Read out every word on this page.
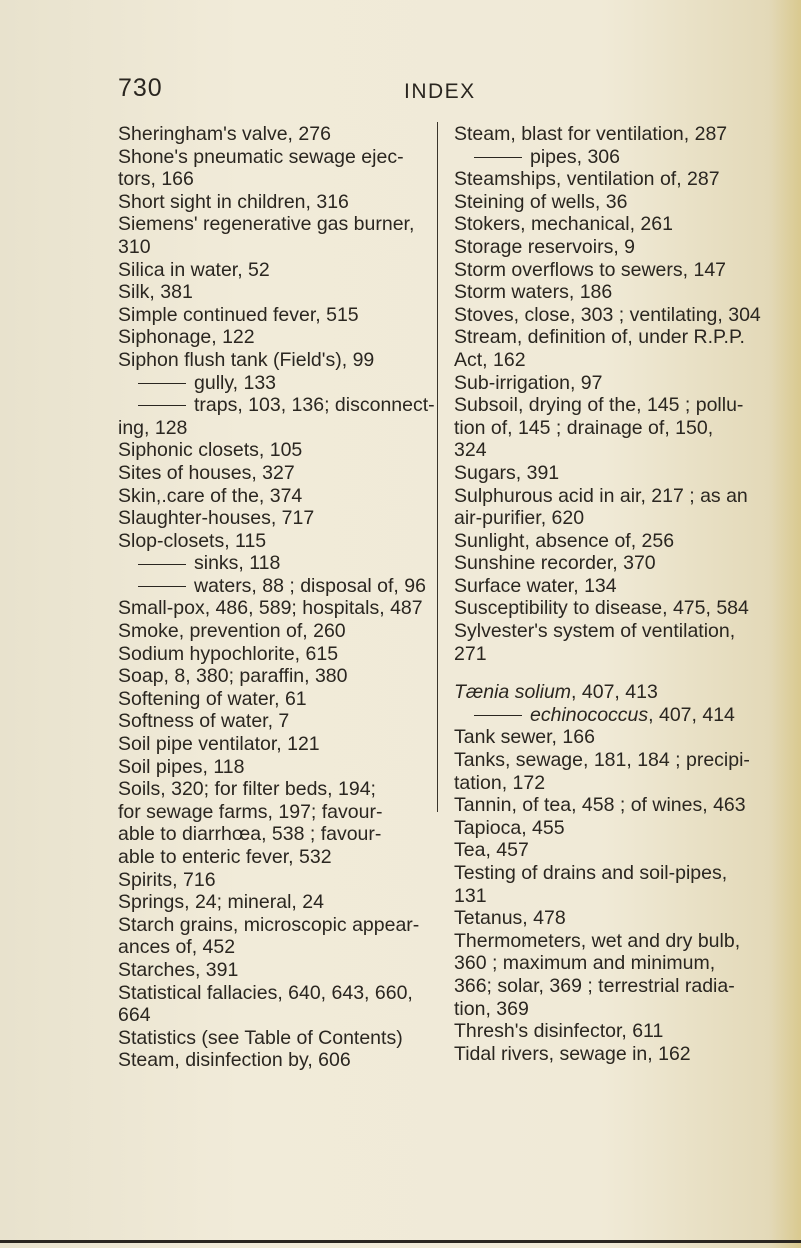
730	INDEX
Sheringham's valve, 276
Shone's pneumatic sewage ejec-
tors, 166
Short sight in children, 316
Siemens' regenerative gas burner,
310
Silica in water, 52
Silk, 381
Simple continued fever, 515
Siphonage, 122
Siphon flush tank (Field's), 99
gully, 133
traps, 103, 136; disconnect-
ing, 128
Siphonic closets, 105
Sites of houses, 327
Skin,.care of the, 374
Slaughter-houses, 717
Slop-closets, 115
sinks, 118
waters, 88 ; disposal of, 96
Small-pox, 486, 589; hospitals, 487
Smoke, prevention of, 260
Sodium hypochlorite, 615
Soap, 8, 380; paraffin, 380
Softening of water, 61
Softness of water, 7
Soil pipe ventilator, 121
Soil pipes, 118
Soils, 320; for filter beds, 194;
for sewage farms, 197; favour-
able to diarrhœa, 538 ; favour-
able to enteric fever, 532
Spirits, 716
Springs, 24; mineral, 24
Starch grains, microscopic appear-
ances of, 452
Starches, 391
Statistical fallacies, 640, 643, 660,
664
Statistics (see Table of Contents)
Steam, disinfection by, 606
Steam, blast for ventilation, 287
pipes, 306
Steamships, ventilation of, 287
Steining of wells, 36
Stokers, mechanical, 261
Storage reservoirs, 9
Storm overflows to sewers, 147
Storm waters, 186
Stoves, close, 303 ; ventilating, 304
Stream, definition of, under R.P.P.
Act, 162
Sub-irrigation, 97
Subsoil, drying of the, 145 ; pollu-
tion of, 145 ; drainage of, 150,
324
Sugars, 391
Sulphurous acid in air, 217 ; as an
air-purifier, 620
Sunlight, absence of, 256
Sunshine recorder, 370
Surface water, 134
Susceptibility to disease, 475, 584
Sylvester's system of ventilation,
271
Tænia solium, 407, 413
echinococcus, 407, 414
Tank sewer, 166
Tanks, sewage, 181, 184 ; precipi-
tation, 172
Tannin, of tea, 458 ; of wines, 463
Tapioca, 455
Tea, 457
Testing of drains and soil-pipes,
131
Tetanus, 478
Thermometers, wet and dry bulb,
360 ; maximum and minimum,
366; solar, 369 ; terrestrial radia-
tion, 369
Thresh's disinfector, 611
Tidal rivers, sewage in, 162
